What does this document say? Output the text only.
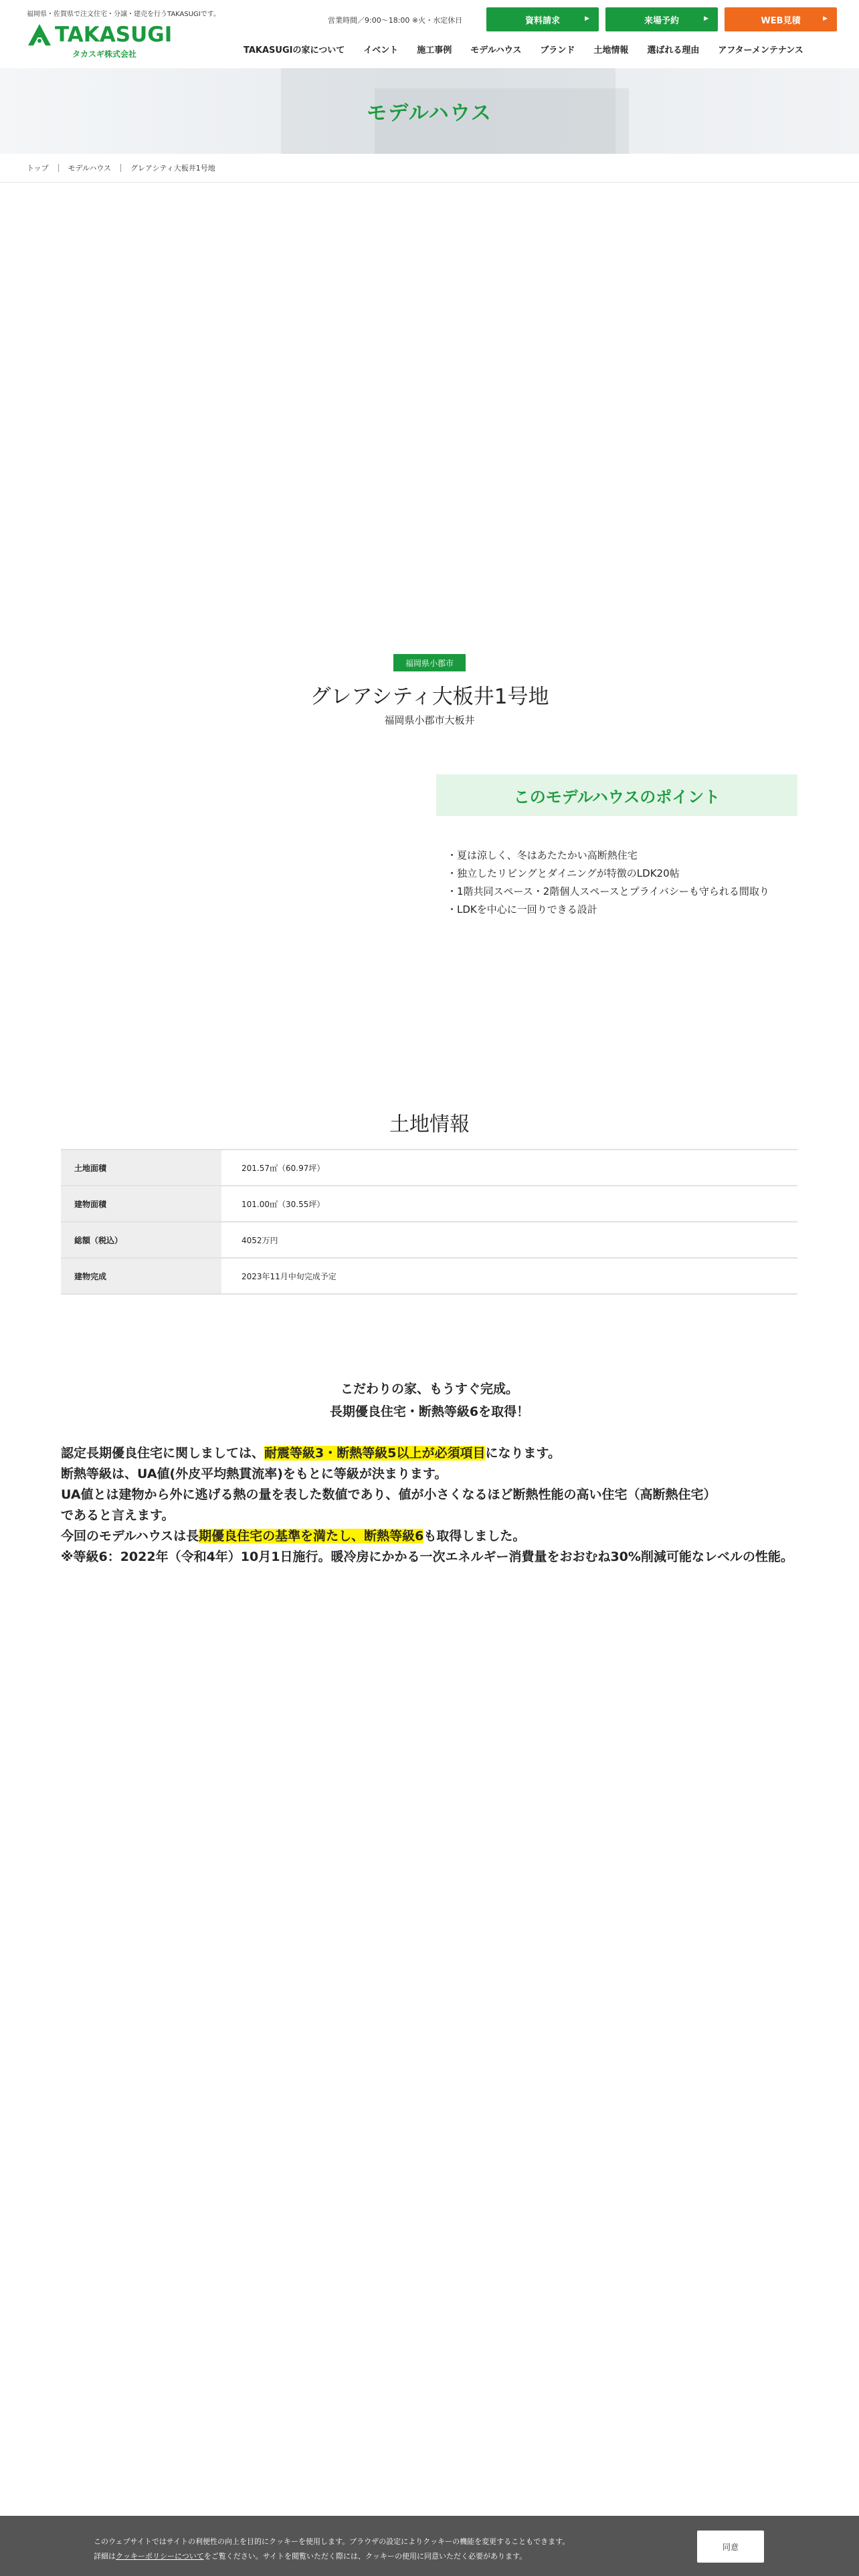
福岡県・佐賀県で注文住宅・分譲・建売を行うTAKASUGIです。
TAKASUGI
タカスギ株式会社
営業時間／9:00〜18:00 ※火・水定休日	資料請求	▶	来場予約	▶	WEB見積	▶
TAKASUGIの家について	イベント	施工事例	モデルハウス	ブランド	土地情報	選ばれる理由	アフターメンテナンス
モデルハウス
トップ	モデルハウス	グレアシティ大板井1号地
福岡県小郡市
グレアシティ大板井1号地
福岡県小郡市大板井
このモデルハウスのポイント
・夏は涼しく、冬はあたたかい高断熱住宅
・独立したリビングとダイニングが特徴のLDK20帖
・1階共同スペース・2階個人スペースとプライバシーも守られる間取り
・LDKを中心に一回りできる設計
土地情報
土地面積	201.57㎡（60.97坪）
建物面積	101.00㎡（30.55坪）
総額（税込）	4052万円
建物完成	2023年11月中旬完成予定
こだわりの家、もうすぐ完成。
長期優良住宅・断熱等級6を取得！
認定長期優良住宅に関しましては、耐震等級3・断熱等級5以上が必須項目になります。
断熱等級は、UA値(外皮平均熱貫流率)をもとに等級が決まります。
UA値とは建物から外に逃げる熱の量を表した数値であり、値が小さくなるほど断熱性能の高い住宅（高断熱住宅）
であると言えます。
今回のモデルハウスは長期優良住宅の基準を満たし、断熱等級6も取得しました。
※等級6：2022年（令和4年）10月1日施行。暖冷房にかかる一次エネルギー消費量をおおむね30%削減可能なレベルの性能。
このウェブサイトではサイトの利便性の向上を目的にクッキーを使用します。ブラウザの設定によりクッキーの機能を変更することもできます。
詳細はクッキーポリシーについてをご覧ください。サイトを閲覧いただく際には、クッキーの使用に同意いただく必要があります。
同意
